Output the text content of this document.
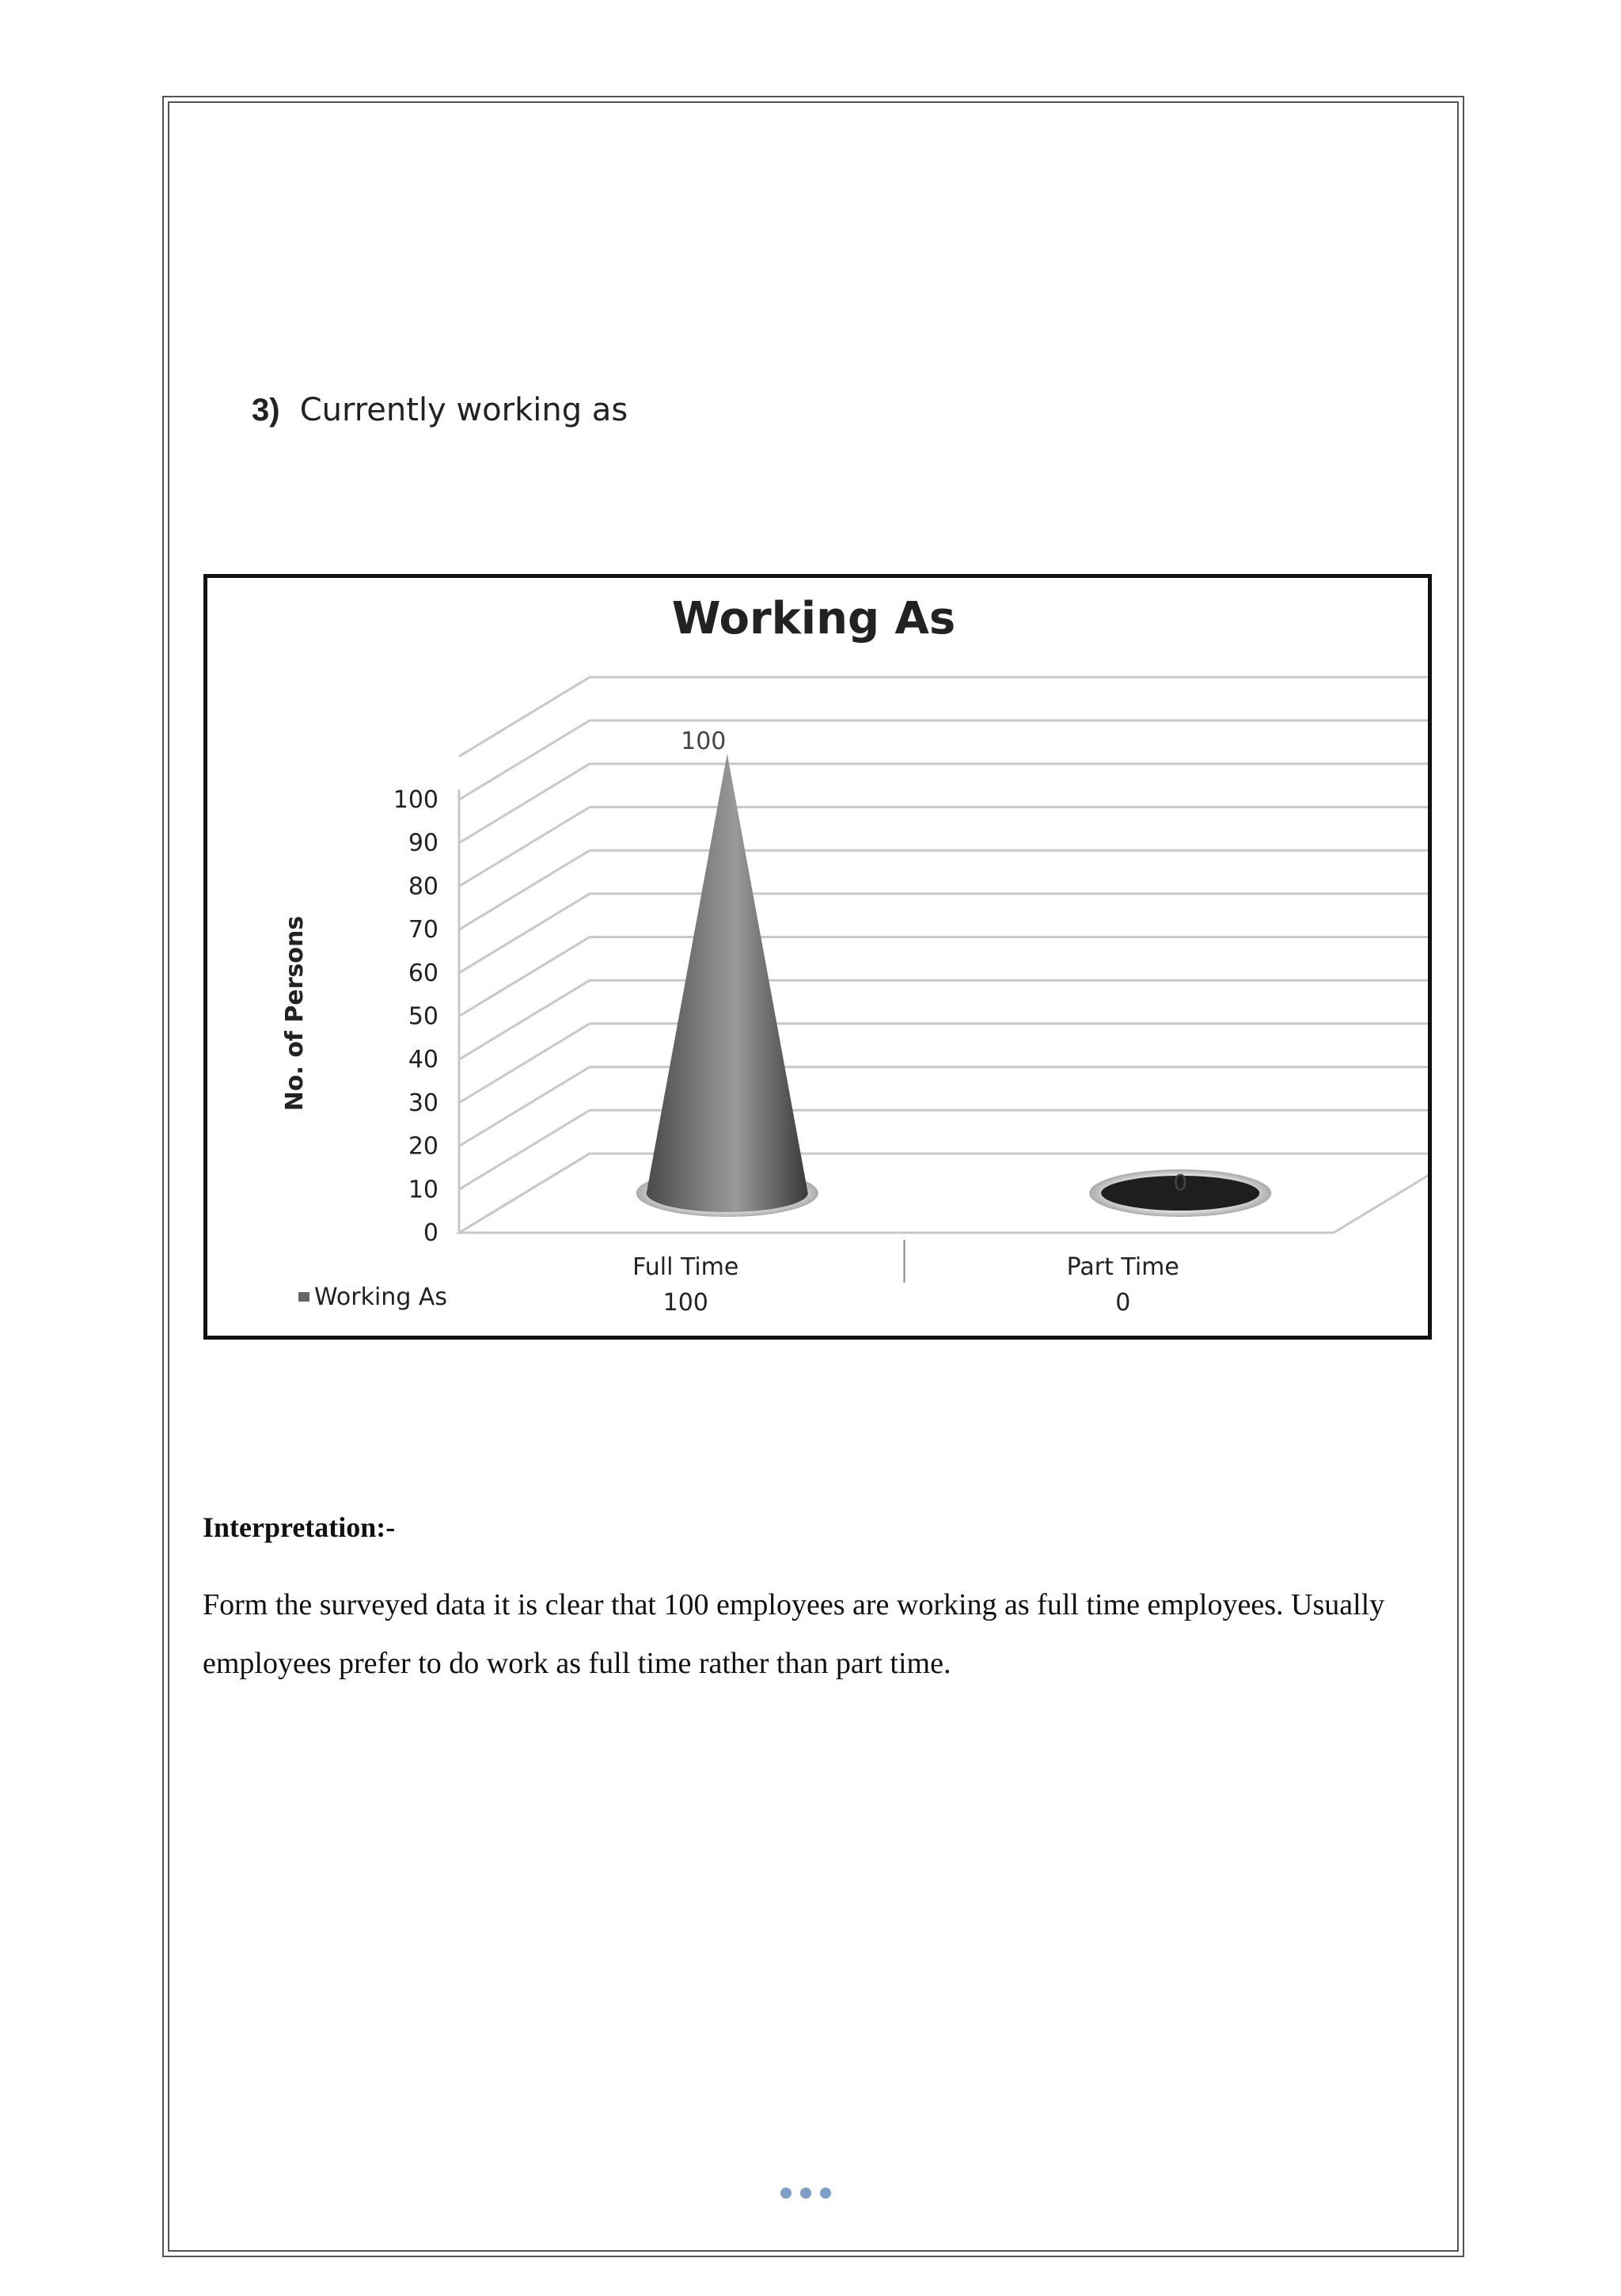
3) Currently working as
Working As
0
10
20
30
40
50
60
70
80
90
100
100
Full Time
100
0
Part Time
0
Working As
No. of Persons
Interpretation:-
Form the surveyed data it is clear that 100 employees are working as full time employees. Usually employees prefer to do work as full time rather than part time.
